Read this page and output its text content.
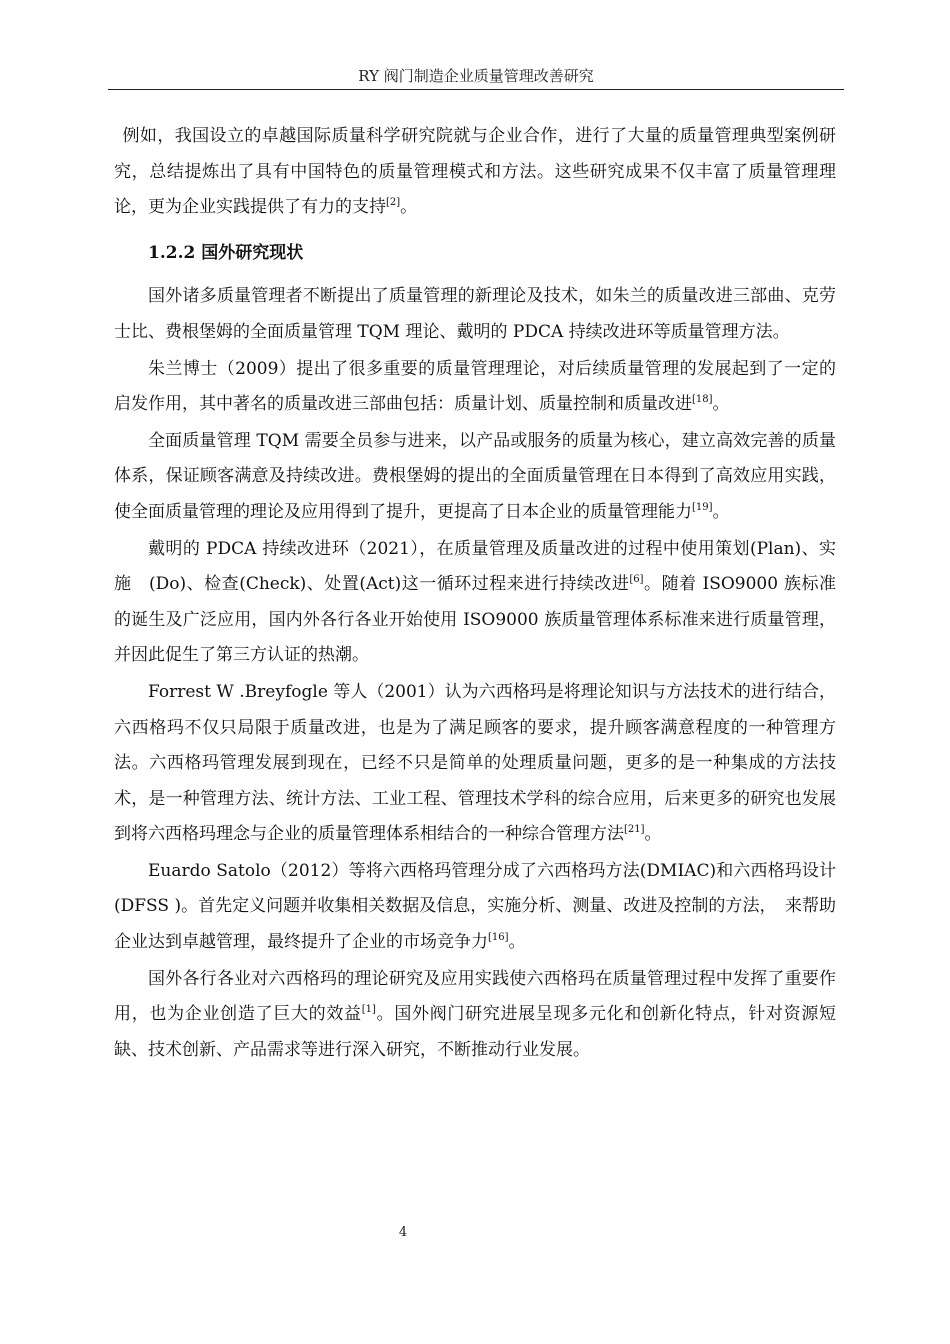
RY 阀门制造企业质量管理改善研究

例如，我国设立的卓越国际质量科学研究院就与企业合作，进行了大量的质量管理典型案例研究，总结提炼出了具有中国特色的质量管理模式和方法。这些研究成果不仅丰富了质量管理理论，更为企业实践提供了有力的支持[2]。

1.2.2 国外研究现状

国外诸多质量管理者不断提出了质量管理的新理论及技术，如朱兰的质量改进三部曲、克劳士比、费根堡姆的全面质量管理 TQM 理论、戴明的 PDCA 持续改进环等质量管理方法。

朱兰博士（2009）提出了很多重要的质量管理理论，对后续质量管理的发展起到了一定的启发作用，其中著名的质量改进三部曲包括：质量计划、质量控制和质量改进[18]。

全面质量管理 TQM 需要全员参与进来，以产品或服务的质量为核心，建立高效完善的质量体系，保证顾客满意及持续改进。费根堡姆的提出的全面质量管理在日本得到了高效应用实践，使全面质量管理的理论及应用得到了提升，更提高了日本企业的质量管理能力[19]。

戴明的 PDCA 持续改进环（2021），在质量管理及质量改进的过程中使用策划(Plan)、实施　(Do)、检查(Check)、处置(Act)这一循环过程来进行持续改进[6]。随着 ISO9000 族标准的诞生及广泛应用，国内外各行各业开始使用 ISO9000 族质量管理体系标准来进行质量管理，并因此促生了第三方认证的热潮。

Forrest W .Breyfogle 等人（2001）认为六西格玛是将理论知识与方法技术的进行结合，六西格玛不仅只局限于质量改进，也是为了满足顾客的要求，提升顾客满意程度的一种管理方法。六西格玛管理发展到现在，已经不只是简单的处理质量问题，更多的是一种集成的方法技术，是一种管理方法、统计方法、工业工程、管理技术学科的综合应用，后来更多的研究也发展到将六西格玛理念与企业的质量管理体系相结合的一种综合管理方法[21]。

Euardo Satolo（2012）等将六西格玛管理分成了六西格玛方法(DMIAC)和六西格玛设计(DFSS )。首先定义问题并收集相关数据及信息，实施分析、测量、改进及控制的方法，　来帮助企业达到卓越管理，最终提升了企业的市场竞争力[16]。

国外各行各业对六西格玛的理论研究及应用实践使六西格玛在质量管理过程中发挥了重要作用，也为企业创造了巨大的效益[1]。国外阀门研究进展呈现多元化和创新化特点，针对资源短缺、技术创新、产品需求等进行深入研究，不断推动行业发展。

4
